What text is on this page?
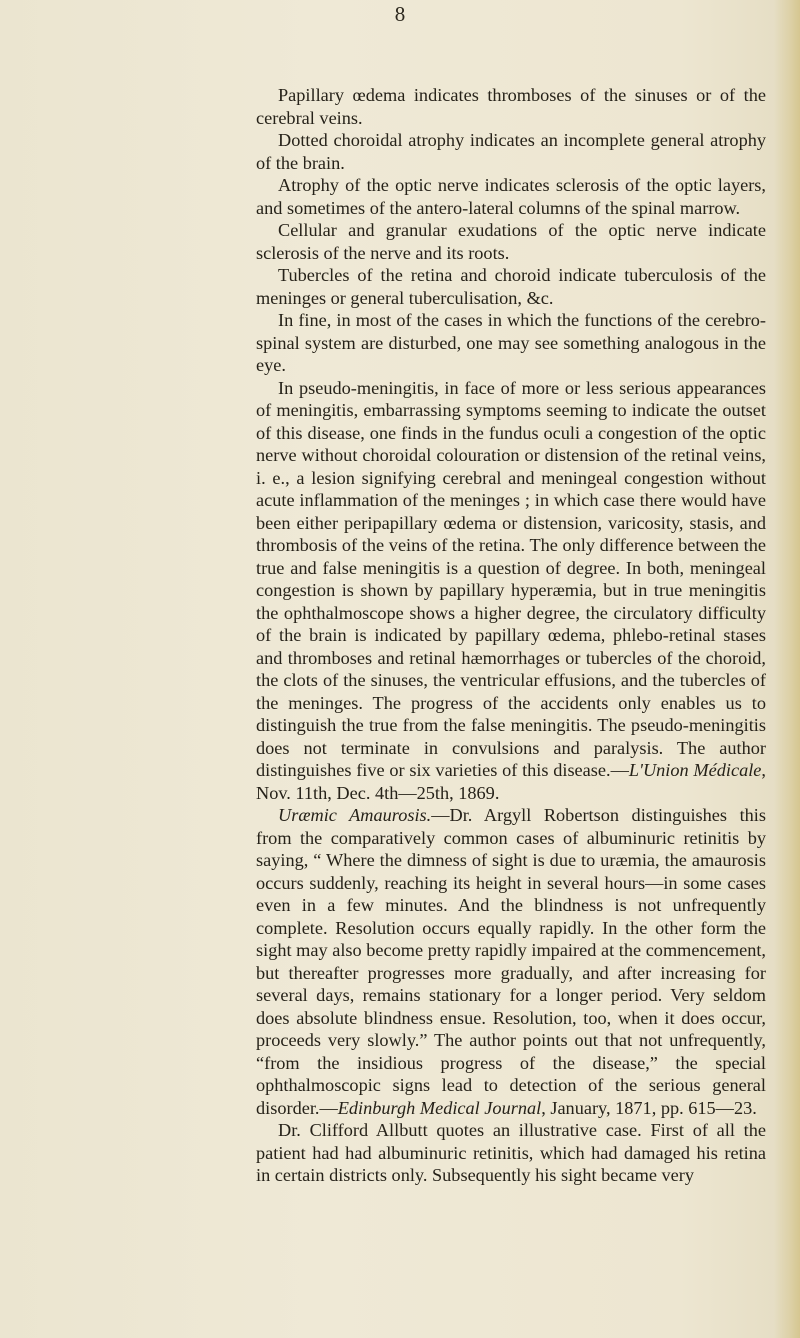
8

Papillary œdema indicates thromboses of the sinuses or of the cerebral veins.

Dotted choroidal atrophy indicates an incomplete general atrophy of the brain.

Atrophy of the optic nerve indicates sclerosis of the optic layers, and sometimes of the antero-lateral columns of the spinal marrow.

Cellular and granular exudations of the optic nerve indicate sclerosis of the nerve and its roots.

Tubercles of the retina and choroid indicate tuberculosis of the meninges or general tuberculisation, &c.

In fine, in most of the cases in which the functions of the cerebro-spinal system are disturbed, one may see something analogous in the eye.

In pseudo-meningitis, in face of more or less serious appearances of meningitis, embarrassing symptoms seeming to indicate the outset of this disease, one finds in the fundus oculi a congestion of the optic nerve without choroidal colouration or distension of the retinal veins, i. e., a lesion signifying cerebral and meningeal congestion without acute inflammation of the meninges ; in which case there would have been either peripapillary œdema or distension, varicosity, stasis, and thrombosis of the veins of the retina. The only difference between the true and false meningitis is a question of degree. In both, meningeal congestion is shown by papillary hyperæmia, but in true meningitis the ophthalmoscope shows a higher degree, the circulatory difficulty of the brain is indicated by papillary œdema, phlebo-retinal stases and thromboses and retinal hæmorrhages or tubercles of the choroid, the clots of the sinuses, the ventricular effusions, and the tubercles of the meninges. The progress of the accidents only enables us to distinguish the true from the false meningitis. The pseudo-meningitis does not terminate in convulsions and paralysis. The author distinguishes five or six varieties of this disease.—L'Union Médicale, Nov. 11th, Dec. 4th—25th, 1869.

Uræmic Amaurosis.—Dr. Argyll Robertson distinguishes this from the comparatively common cases of albuminuric retinitis by saying, “ Where the dimness of sight is due to uræmia, the amaurosis occurs suddenly, reaching its height in several hours—in some cases even in a few minutes. And the blindness is not unfrequently complete. Resolution occurs equally rapidly. In the other form the sight may also become pretty rapidly impaired at the commencement, but thereafter progresses more gradually, and after increasing for several days, remains stationary for a longer period. Very seldom does absolute blindness ensue. Resolution, too, when it does occur, proceeds very slowly.” The author points out that not unfrequently, “from the insidious progress of the disease,” the special ophthalmoscopic signs lead to detection of the serious general disorder.—Edinburgh Medical Journal, January, 1871, pp. 615—23.

Dr. Clifford Allbutt quotes an illustrative case. First of all the patient had had albuminuric retinitis, which had damaged his retina in certain districts only. Subsequently his sight became very
